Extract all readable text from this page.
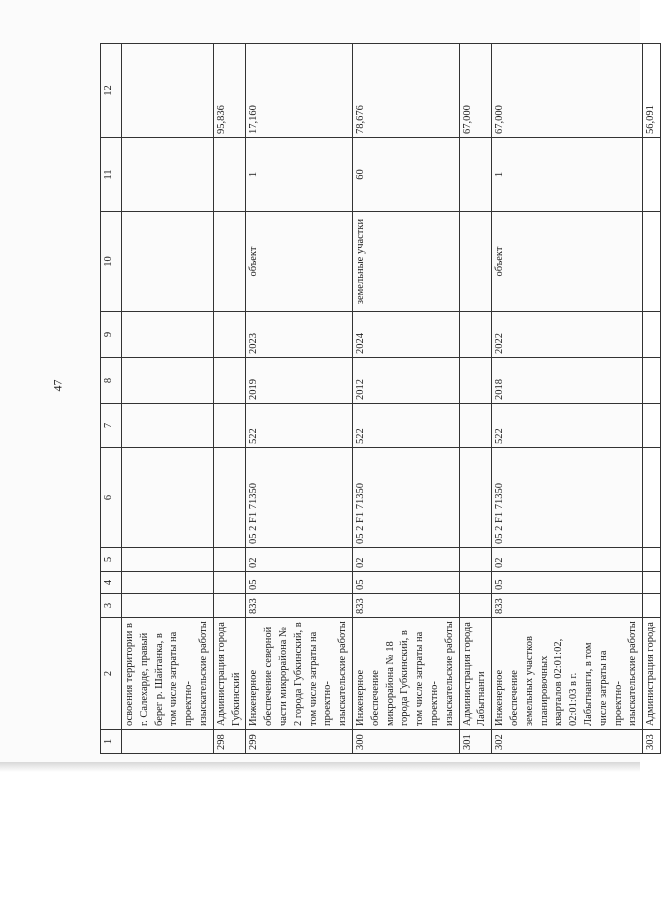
47
1	2	3	4	5	6	7	8	9	10	11	12
	освоения территории в г. Салехарде, правый берег р. Шайтанка, в том числе затраты на проектно-изыскательские работы										
298	Администрация города Губкинский										95,836
299	Инженерное обеспечение северной части микрорайона № 2 города Губкинский, в том числе затраты на проектно-изыскательские работы	833	05	02	05 2 F1 71350	522	2019	2023	объект	1	17,160
300	Инженерное обеспечение микрорайона № 18 города Губкинский, в том числе затраты на проектно-изыскательские работы	833	05	02	05 2 F1 71350	522	2012	2024	земельные участки	60	78,676
301	Администрация города Лабытнанги										67,000
302	Инженерное обеспечение земельных участков планировочных кварталов 02:01:02, 02:01:03 в г. Лабытнанги, в том числе затраты на проектно-изыскательские работы	833	05	02	05 2 F1 71350	522	2018	2022	объект	1	67,000
303	Администрация города										56,091
